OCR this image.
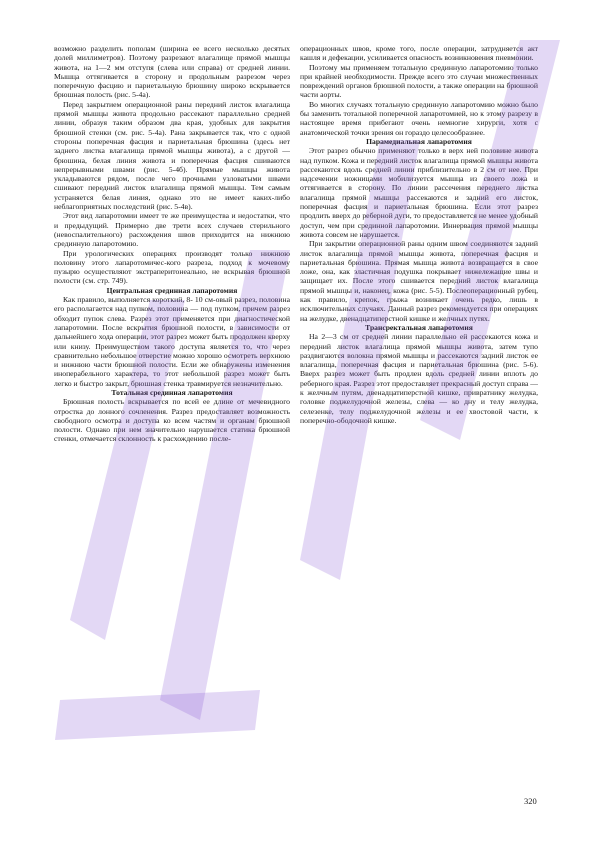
возможно разделить пополам (ширина ее всего несколько десятых долей миллиметров). Поэтому разрезают влагалище прямой мышцы живота, на 1—2 мм отступя (слева или справа) от средней линии. Мышца оттягивается в сторону и продольным разрезом через поперечную фасцию и париетальную брюшину широко вскрывается брюшная полость (рис. 5-4а).

Перед закрытием операционной раны передний листок влагалища прямой мышцы живота продольно рассекают параллельно средней линии, образуя таким образом два края, удобных для закрытия брюшной стенки (см. рис. 5-4а). Рана закрывается так, что с одной стороны поперечная фасция и париетальная брюшина (здесь нет заднего листка влагалища прямой мышцы живота), а с другой — брюшина, белая линия живота и поперечная фасция сшиваются непрерывными швами (рис. 5-4б). Прямые мышцы живота укладываются рядом, после чего прочными узловатыми швами сшивают передний листок влагалища прямой мышцы. Тем самым устраняется белая линия, однако это не имеет каких-либо неблагоприятных последствий (рис. 5-4в).

Этот вид лапаротомии имеет те же преимущества и недостатки, что и предыдущий. Примерно две трети всех случаев стерильного (невоспалительного) расхождения швов приходится на нижнюю срединную лапаротомию.

При урологических операциях производят только нижнюю половину этого лапаротомичес-кого разреза, подход к мочевому пузырю осуществляют экстраперитонеально, не вскрывая брюшной полости (см. стр. 749).

Центральная срединная лапаротомия

Как правило, выполняется короткий, 8- 10 см-овый разрез, половина его располагается над пупком, половина — под пупком, причем разрез обходит пупок слева. Разрез этот применяется при диагностической лапаротомии. После вскрытия брюшной полости, в зависимости от дальнейшего хода операции, этот разрез может быть продолжен кверху или книзу. Преимуществом такого доступа является то, что через сравнительно небольшое отверстие можно хорошо осмотреть верхнюю и нижнюю части брюшной полости. Если же обнаружены изменения иноперабельного характера, то этот небольшой разрез может быть легко и быстро закрыт, брюшная стенка травмируется незначительно.

Тотальная срединная лапаротомия

Брюшная полость вскрывается по всей ее длине от мечевидного отростка до лонного сочленения. Разрез предоставляет возможность свободного осмотра и доступа ко всем частям и органам брюшной полости. Однако при нем значительно нарушается статика брюшной стенки, отмечается склонность к расхождению после-

операционных швов, кроме того, после операции, затрудняется акт кашля и дефекации, усиливается опасность возникновения пневмонии.

Поэтому мы применяем тотальную срединную лапаротомию только при крайней необходимости. Прежде всего это случаи множественных повреждений органов брюшной полости, а также операции на брюшной части аорты.

Во многих случаях тотальную срединную лапаротомию можно было бы заменить тотальной поперечной лапаротомией, но к этому разрезу в настоящее время прибегают очень немногие хирурги, хотя с анатомической точки зрения он гораздо целесообразнее.

Парамедиальная лапаротомия

Этот разрез обычно применяют только в верх ней половине живота над пупком. Кожа и передний листок влагалища прямой мышцы живота рассекаются вдоль средней линии приблизительно в 2 см от нее. При надсечении ножницами мобилизуется мышца из своего ложа и оттягивается в сторону. По линии рассечения переднего листка влагалища прямой мышцы рассекаются и задний его листок, поперечная фасция и париетальная брюшина. Если этот разрез продлить вверх до реберной дуги, то предоставляется не менее удобный доступ, чем при срединной лапаротомии. Иннервация прямой мышцы живота совсем не нарушается.

При закрытии операционной раны одним швом соединяются задний листок влагалища прямой мышцы живота, поперечная фасция и париетальная брюшина. Прямая мышца живота возвращается в свое ложе, она, как эластичная подушка покрывает нижележащие швы и защищает их. После этого сшивается передний листок влагалища прямой мышцы и, наконец, кожа (рис. 5-5). Послеоперационный рубец, как правило, крепок, грыжа возникает очень редко, лишь в исключительных случаях. Данный разрез рекомендуется при операциях на желудке, двенадцатиперстной кишке и желчных путях.

Трансректальная лапаротомия

На 2—3 см от средней линии параллельно ей рассекаются кожа и передний листок влагалища прямой мышцы живота, затем тупо раздвигаются волокна прямой мышцы и рассекаются задний листок ее влагалища, поперечная фасция и париетальная брюшина (рис. 5-6). Вверх разрез может быть продлен вдоль средней линии вплоть до реберного края. Разрез этот предоставляет прекрасный доступ справа — к желчным путям, двенадцатиперстной кишке, привратнику желудка, головке поджелудочной железы, слева — ко дну и телу желудка, селезенке, телу поджелудочной железы и ее хвостовой части, к поперечно-ободочной кишке.

320
